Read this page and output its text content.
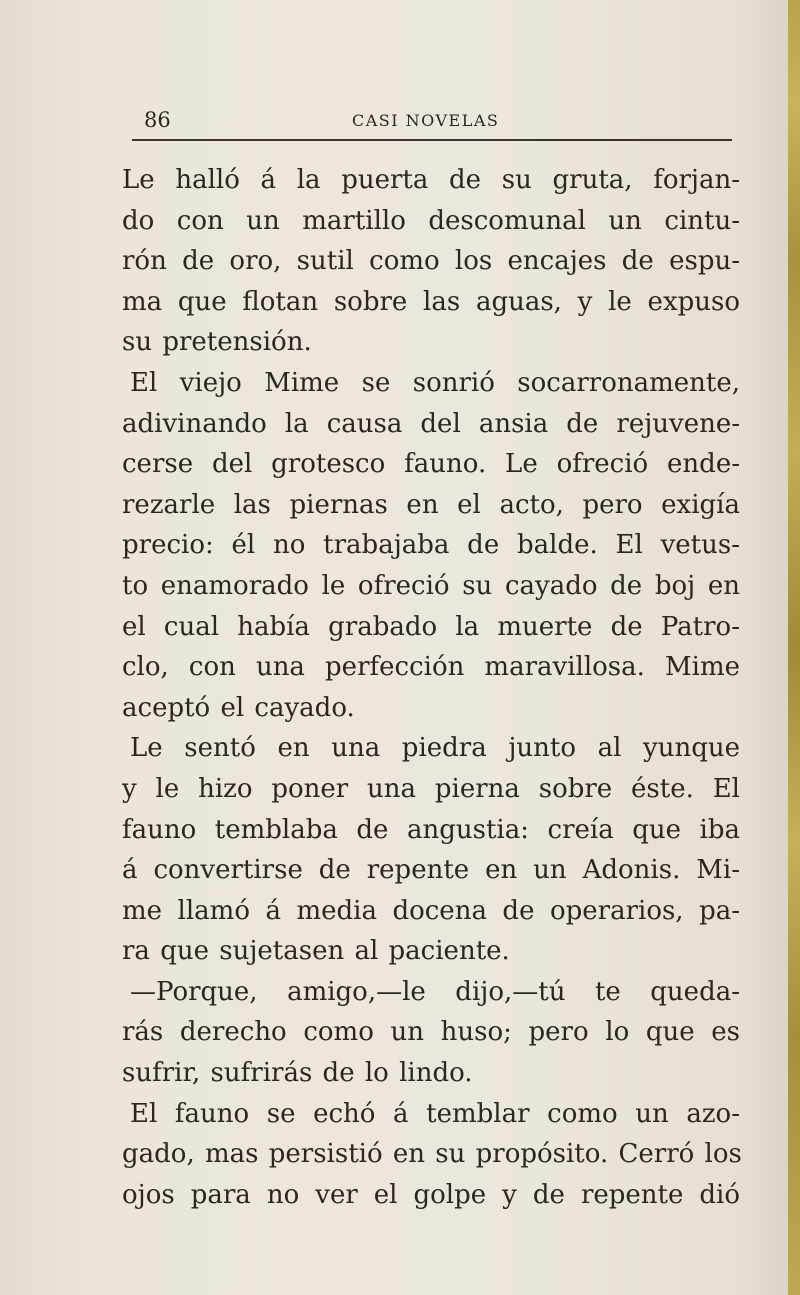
86	CASI NOVELAS
Le halló á la puerta de su gruta, forjan-
do con un martillo descomunal un cintu-
rón de oro, sutil como los encajes de espu-
ma que flotan sobre las aguas, y le expuso
su pretensión.
El viejo Mime se sonrió socarronamente,
adivinando la causa del ansia de rejuvene-
cerse del grotesco fauno. Le ofreció ende-
rezarle las piernas en el acto, pero exigía
precio: él no trabajaba de balde. El vetus-
to enamorado le ofreció su cayado de boj en
el cual había grabado la muerte de Patro-
clo, con una perfección maravillosa. Mime
aceptó el cayado.
Le sentó en una piedra junto al yunque
y le hizo poner una pierna sobre éste. El
fauno temblaba de angustia: creía que iba
á convertirse de repente en un Adonis. Mi-
me llamó á media docena de operarios, pa-
ra que sujetasen al paciente.
—Porque, amigo,—le dijo,—tú te queda-
rás derecho como un huso; pero lo que es
sufrir, sufrirás de lo lindo.
El fauno se echó á temblar como un azo-
gado, mas persistió en su propósito. Cerró los
ojos para no ver el golpe y de repente dió
